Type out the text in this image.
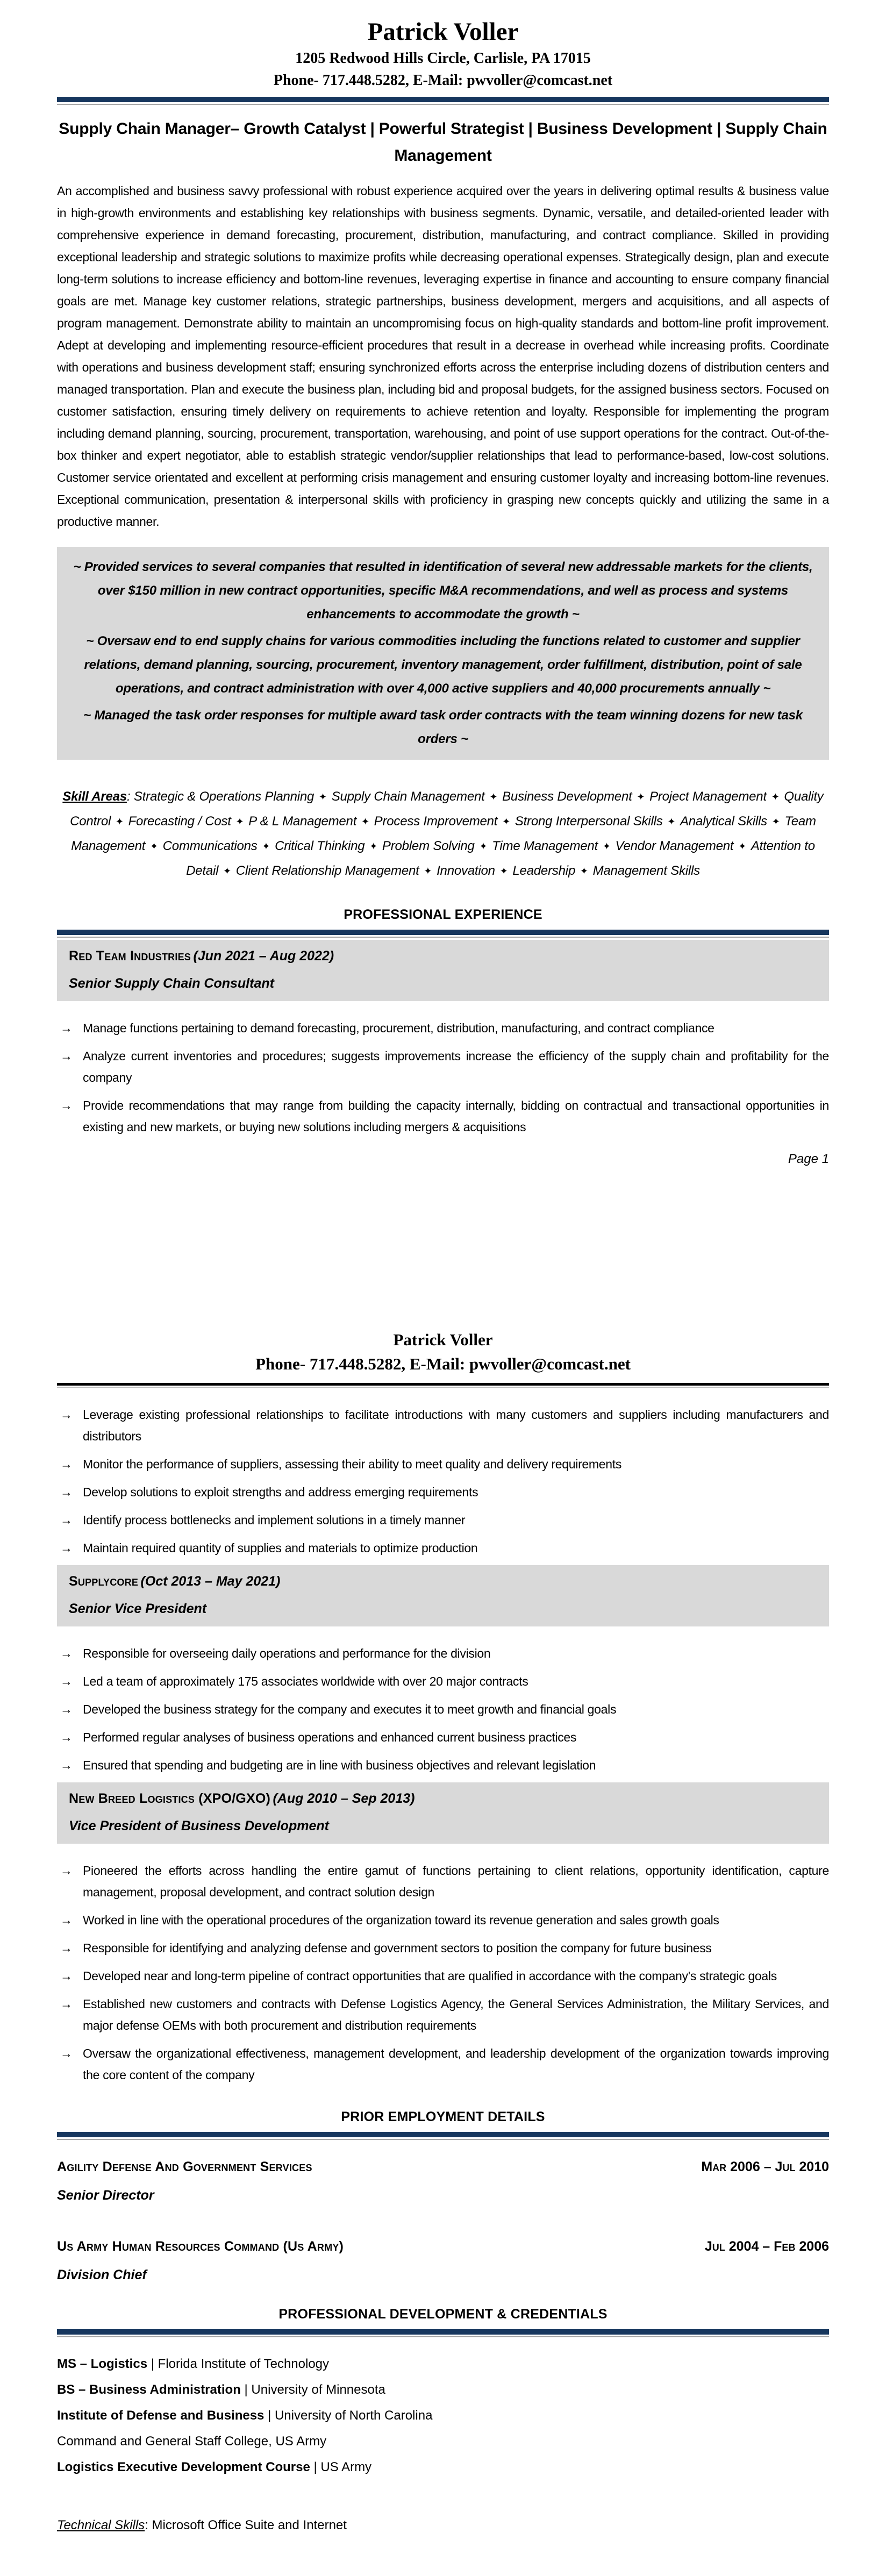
Patrick Voller
1205 Redwood Hills Circle, Carlisle, PA 17015
Phone- 717.448.5282, E-Mail: pwvoller@comcast.net
Supply Chain Manager– Growth Catalyst | Powerful Strategist | Business Development | Supply Chain Management

An accomplished and business savvy professional with robust experience acquired over the years in delivering optimal results & business value in high-growth environments and establishing key relationships with business segments. Dynamic, versatile, and detailed-oriented leader with comprehensive experience in demand forecasting, procurement, distribution, manufacturing, and contract compliance. Skilled in providing exceptional leadership and strategic solutions to maximize profits while decreasing operational expenses. Strategically design, plan and execute long-term solutions to increase efficiency and bottom-line revenues, leveraging expertise in finance and accounting to ensure company financial goals are met. Manage key customer relations, strategic partnerships, business development, mergers and acquisitions, and all aspects of program management. Demonstrate ability to maintain an uncompromising focus on high-quality standards and bottom-line profit improvement. Adept at developing and implementing resource-efficient procedures that result in a decrease in overhead while increasing profits. Coordinate with operations and business development staff; ensuring synchronized efforts across the enterprise including dozens of distribution centers and managed transportation. Plan and execute the business plan, including bid and proposal budgets, for the assigned business sectors. Focused on customer satisfaction, ensuring timely delivery on requirements to achieve retention and loyalty. Responsible for implementing the program including demand planning, sourcing, procurement, transportation, warehousing, and point of use support operations for the contract. Out-of-the-box thinker and expert negotiator, able to establish strategic vendor/supplier relationships that lead to performance-based, low-cost solutions. Customer service orientated and excellent at performing crisis management and ensuring customer loyalty and increasing bottom-line revenues. Exceptional communication, presentation & interpersonal skills with proficiency in grasping new concepts quickly and utilizing the same in a productive manner.

~ Provided services to several companies that resulted in identification of several new addressable markets for the clients, over $150 million in new contract opportunities, specific M&A recommendations, and well as process and systems enhancements to accommodate the growth ~

~ Oversaw end to end supply chains for various commodities including the functions related to customer and supplier relations, demand planning, sourcing, procurement, inventory management, order fulfillment, distribution, point of sale operations, and contract administration with over 4,000 active suppliers and 40,000 procurements annually ~

~ Managed the task order responses for multiple award task order contracts with the team winning dozens for new task orders ~

Skill Areas: Strategic & Operations Planning ✦ Supply Chain Management ✦ Business Development ✦ Project Management ✦ Quality Control ✦ Forecasting / Cost ✦ P & L Management ✦ Process Improvement ✦ Strong Interpersonal Skills ✦ Analytical Skills ✦ Team Management ✦ Communications ✦ Critical Thinking ✦ Problem Solving ✦ Time Management ✦ Vendor Management ✦ Attention to Detail ✦ Client Relationship Management ✦ Innovation ✦ Leadership ✦ Management Skills
PROFESSIONAL EXPERIENCE
Red Team Industries (Jun 2021 – Aug 2022)
Senior Supply Chain Consultant
→ Manage functions pertaining to demand forecasting, procurement, distribution, manufacturing, and contract compliance
→ Analyze current inventories and procedures; suggests improvements increase the efficiency of the supply chain and profitability for the company
→ Provide recommendations that may range from building the capacity internally, bidding on contractual and transactional opportunities in existing and new markets, or buying new solutions including mergers & acquisitions
Page 1
Patrick Voller
Phone- 717.448.5282, E-Mail: pwvoller@comcast.net
→ Leverage existing professional relationships to facilitate introductions with many customers and suppliers including manufacturers and distributors
→ Monitor the performance of suppliers, assessing their ability to meet quality and delivery requirements
→ Develop solutions to exploit strengths and address emerging requirements
→ Identify process bottlenecks and implement solutions in a timely manner
→ Maintain required quantity of supplies and materials to optimize production
Supplycore (Oct 2013 – May 2021)
Senior Vice President
→ Responsible for overseeing daily operations and performance for the division
→ Led a team of approximately 175 associates worldwide with over 20 major contracts
→ Developed the business strategy for the company and executes it to meet growth and financial goals
→ Performed regular analyses of business operations and enhanced current business practices
→ Ensured that spending and budgeting are in line with business objectives and relevant legislation
New Breed Logistics (XPO/GXO) (Aug 2010 – Sep 2013)
Vice President of Business Development
→ Pioneered the efforts across handling the entire gamut of functions pertaining to client relations, opportunity identification, capture management, proposal development, and contract solution design
→ Worked in line with the operational procedures of the organization toward its revenue generation and sales growth goals
→ Responsible for identifying and analyzing defense and government sectors to position the company for future business
→ Developed near and long-term pipeline of contract opportunities that are qualified in accordance with the company's strategic goals
→ Established new customers and contracts with Defense Logistics Agency, the General Services Administration, the Military Services, and major defense OEMs with both procurement and distribution requirements
→ Oversaw the organizational effectiveness, management development, and leadership development of the organization towards improving the core content of the company
PRIOR EMPLOYMENT DETAILS
Agility Defense And Government Services	Mar 2006 – Jul 2010
Senior Director
Us Army Human Resources Command (Us Army)	Jul 2004 – Feb 2006
Division Chief
PROFESSIONAL DEVELOPMENT & CREDENTIALS
MS – Logistics | Florida Institute of Technology
BS – Business Administration | University of Minnesota
Institute of Defense and Business | University of North Carolina
Command and General Staff College, US Army
Logistics Executive Development Course | US Army
Technical Skills: Microsoft Office Suite and Internet
